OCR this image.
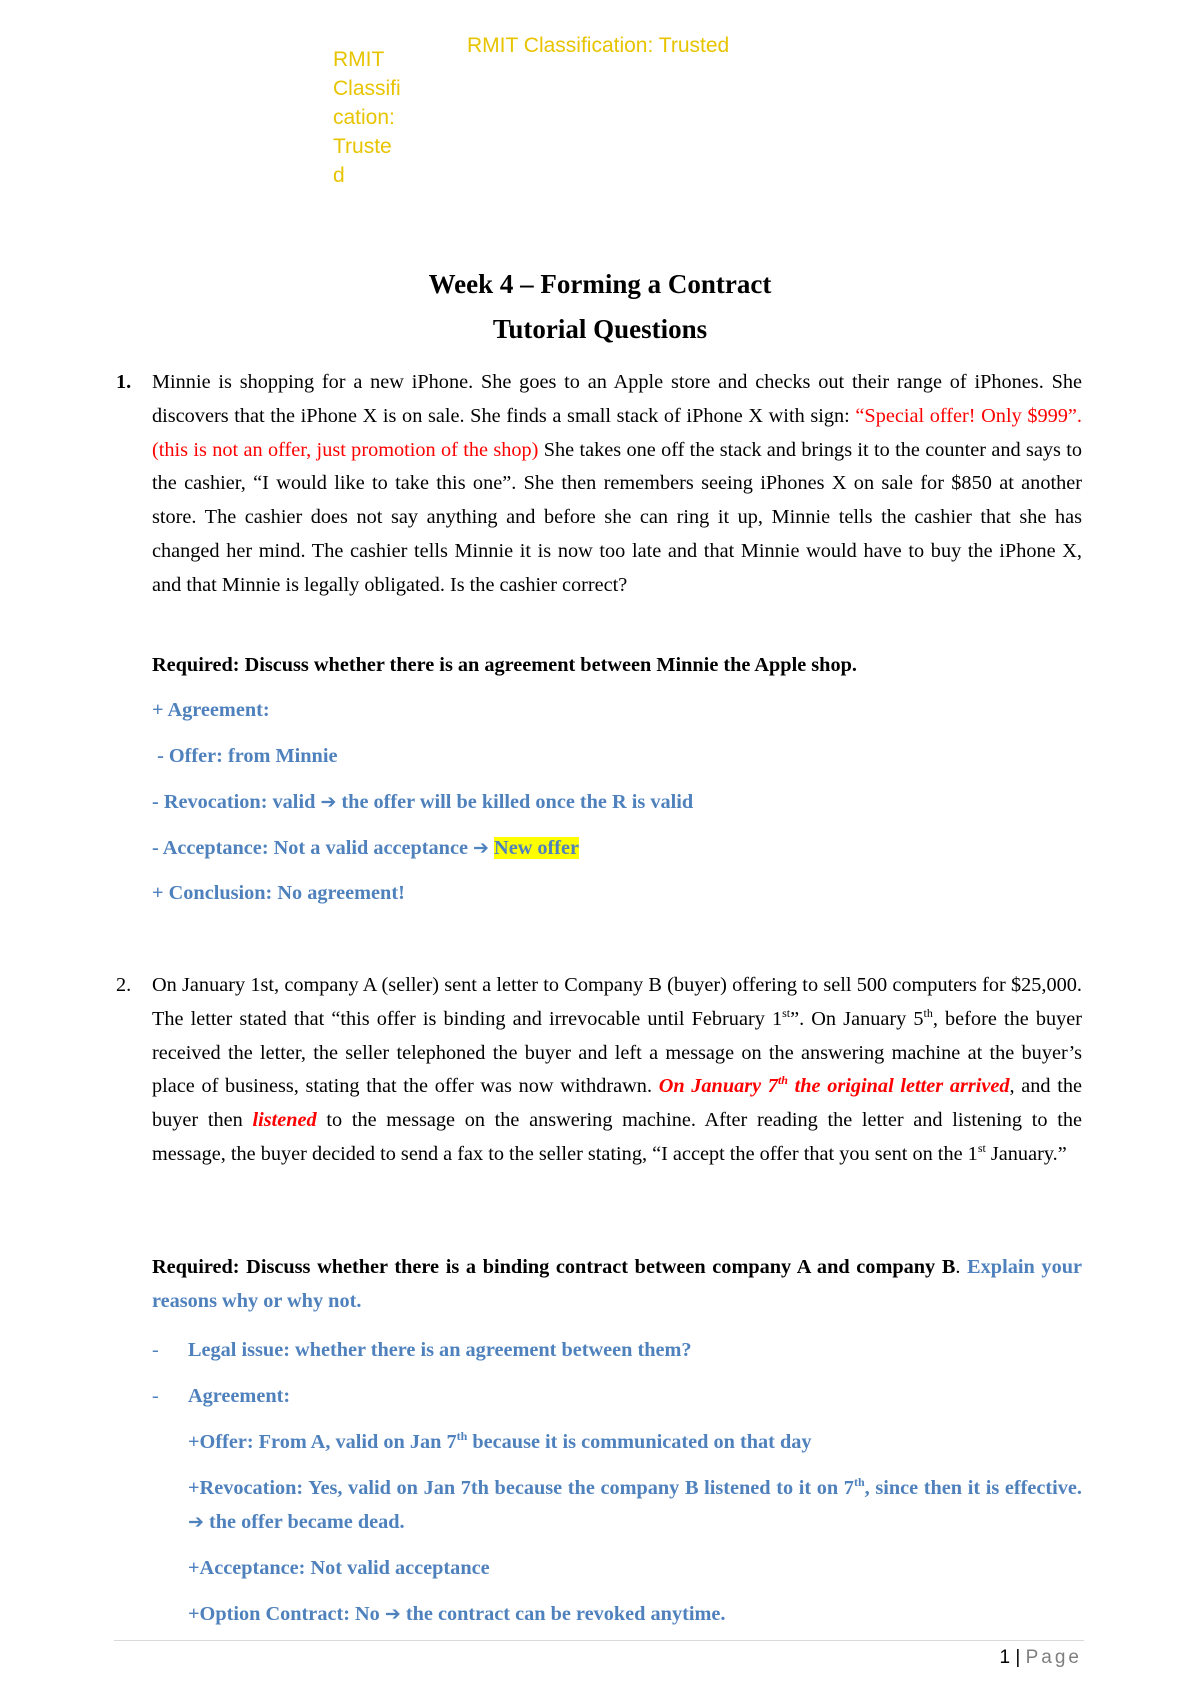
RMIT Classification: Trusted
RMIT
Classifi
cation:
Truste
d
Week 4 – Forming a Contract
Tutorial Questions
1. Minnie is shopping for a new iPhone. She goes to an Apple store and checks out their range of iPhones. She discovers that the iPhone X is on sale. She finds a small stack of iPhone X with sign: “Special offer! Only $999”. (this is not an offer, just promotion of the shop) She takes one off the stack and brings it to the counter and says to the cashier, “I would like to take this one”. She then remembers seeing iPhones X on sale for $850 at another store. The cashier does not say anything and before she can ring it up, Minnie tells the cashier that she has changed her mind. The cashier tells Minnie it is now too late and that Minnie would have to buy the iPhone X, and that Minnie is legally obligated. Is the cashier correct?
Required: Discuss whether there is an agreement between Minnie the Apple shop.
+ Agreement:
- Offer: from Minnie
- Revocation: valid ➔ the offer will be killed once the R is valid
- Acceptance: Not a valid acceptance ➔ New offer
+ Conclusion: No agreement!
2. On January 1st, company A (seller) sent a letter to Company B (buyer) offering to sell 500 computers for $25,000. The letter stated that “this offer is binding and irrevocable until February 1st”. On January 5th, before the buyer received the letter, the seller telephoned the buyer and left a message on the answering machine at the buyer’s place of business, stating that the offer was now withdrawn. On January 7th the original letter arrived, and the buyer then listened to the message on the answering machine. After reading the letter and listening to the message, the buyer decided to send a fax to the seller stating, “I accept the offer that you sent on the 1st January.”
Required: Discuss whether there is a binding contract between company A and company B. Explain your reasons why or why not.
- Legal issue: whether there is an agreement between them?
- Agreement:
+Offer: From A, valid on Jan 7th because it is communicated on that day
+Revocation: Yes, valid on Jan 7th because the company B listened to it on 7th, since then it is effective. ➔ the offer became dead.
+Acceptance: Not valid acceptance
+Option Contract: No ➔ the contract can be revoked anytime.
1 | Page
